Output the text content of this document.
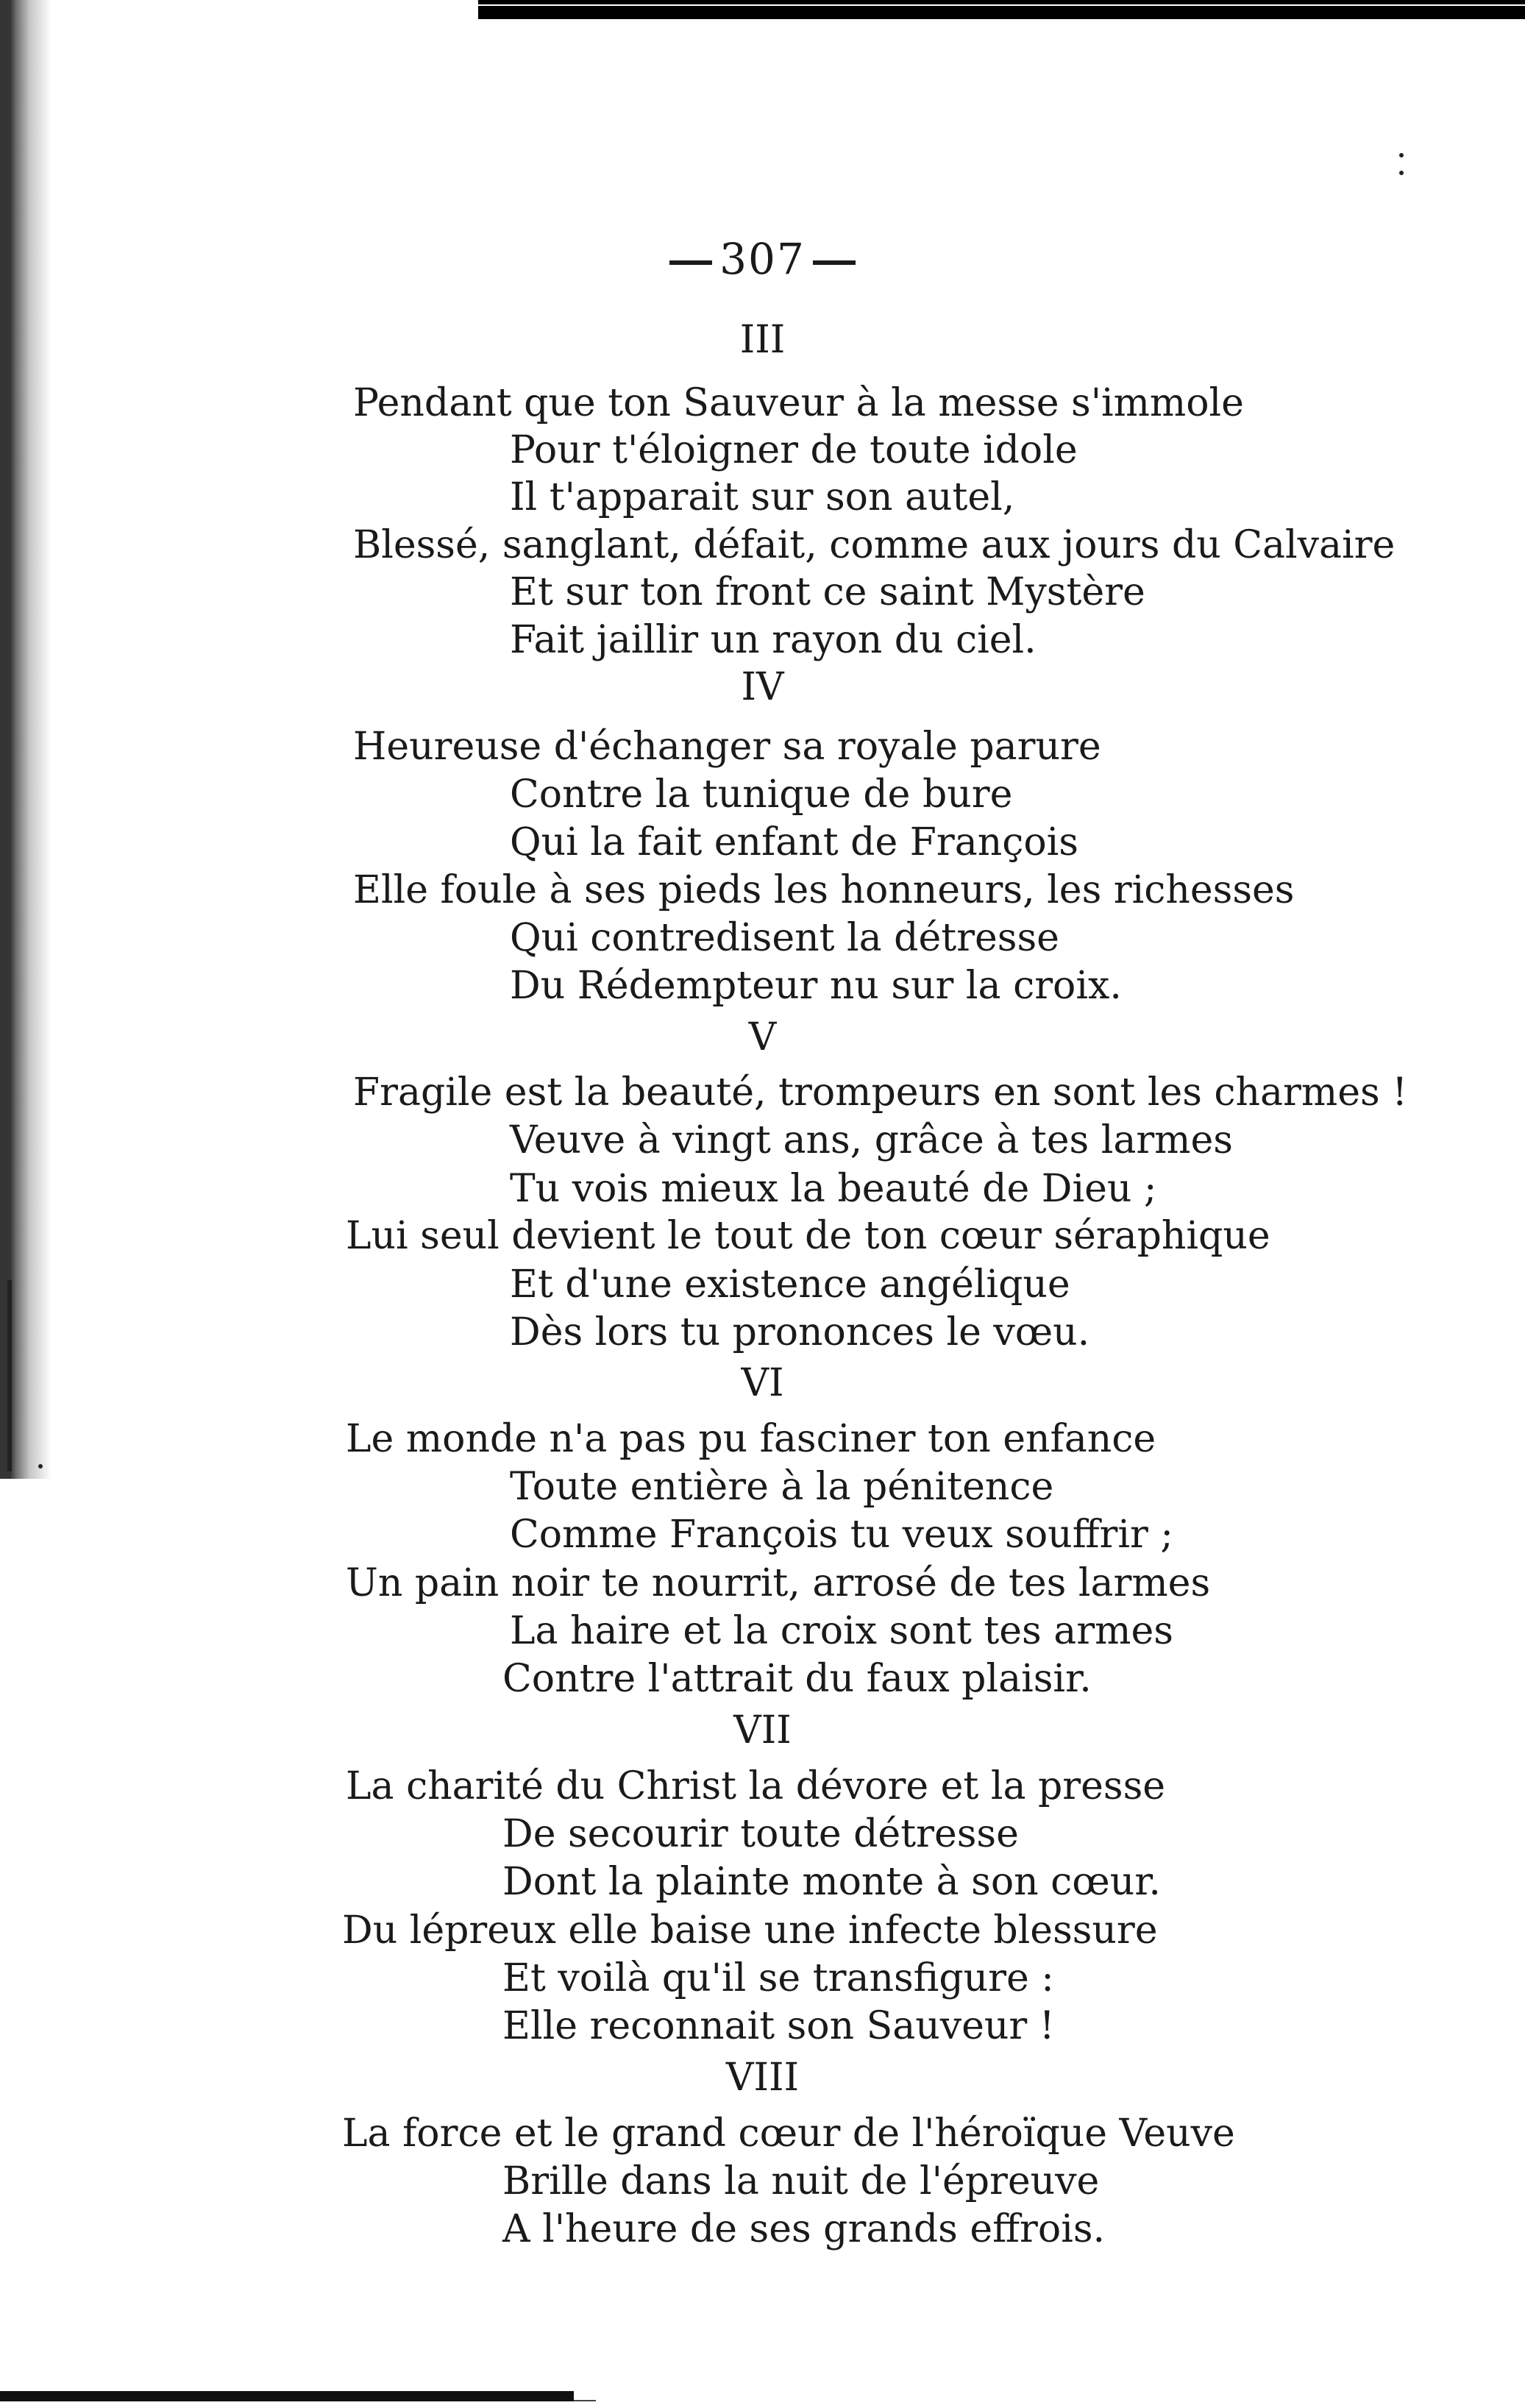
307
III
Pendant que ton Sauveur à la messe s'immole
Pour t'éloigner de toute idole
Il t'apparait sur son autel,
Blessé, sanglant, défait, comme aux jours du Calvaire
Et sur ton front ce saint Mystère
Fait jaillir un rayon du ciel.
IV
Heureuse d'échanger sa royale parure
Contre la tunique de bure
Qui la fait enfant de François
Elle foule à ses pieds les honneurs, les richesses
Qui contredisent la détresse
Du Rédempteur nu sur la croix.
V
Fragile est la beauté, trompeurs en sont les charmes !
Veuve à vingt ans, grâce à tes larmes
Tu vois mieux la beauté de Dieu ;
Lui seul devient le tout de ton cœur séraphique
Et d'une existence angélique
Dès lors tu prononces le vœu.
VI
Le monde n'a pas pu fasciner ton enfance
Toute entière à la pénitence
Comme François tu veux souffrir ;
Un pain noir te nourrit, arrosé de tes larmes
La haire et la croix sont tes armes
Contre l'attrait du faux plaisir.
VII
La charité du Christ la dévore et la presse
De secourir toute détresse
Dont la plainte monte à son cœur.
Du lépreux elle baise une infecte blessure
Et voilà qu'il se transfigure :
Elle reconnait son Sauveur !
VIII
La force et le grand cœur de l'héroïque Veuve
Brille dans la nuit de l'épreuve
A l'heure de ses grands effrois.
